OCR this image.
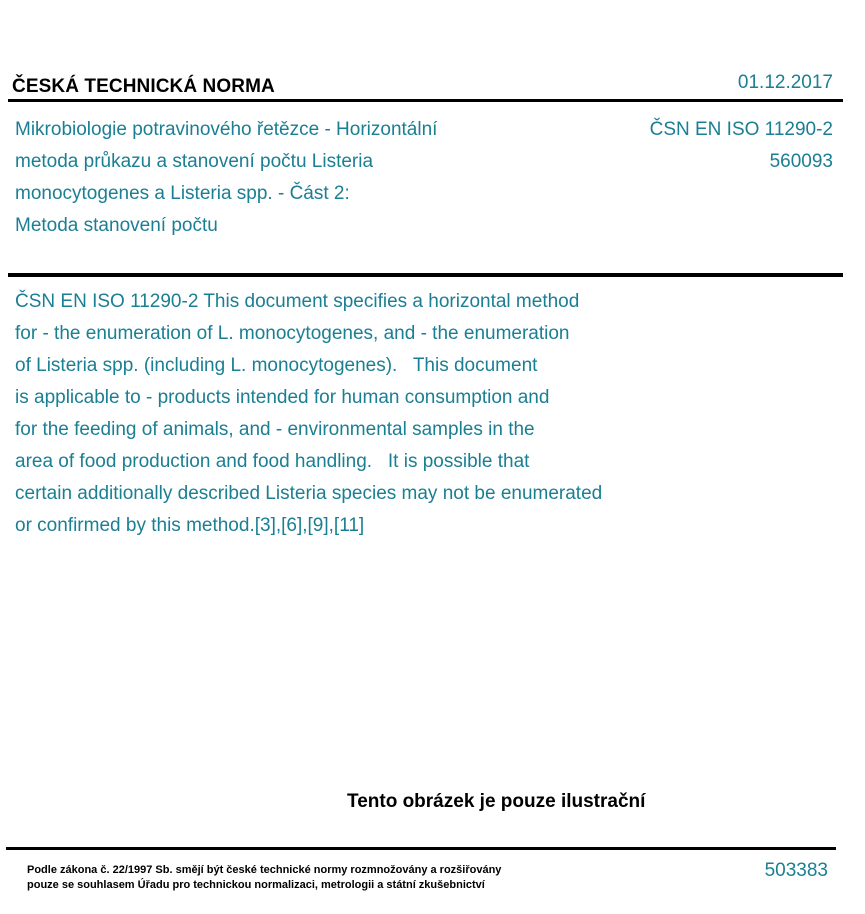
ČESKÁ TECHNICKÁ NORMA	01.12.2017
Mikrobiologie potravinového řetězce - Horizontální
metoda průkazu a stanovení počtu Listeria
monocytogenes a Listeria spp. - Část 2:
Metoda stanovení počtu
ČSN EN ISO 11290-2
560093
ČSN EN ISO 11290-2 This document specifies a horizontal method
for - the enumeration of L. monocytogenes, and - the enumeration
of Listeria spp. (including L. monocytogenes).   This document
is applicable to - products intended for human consumption and
for the feeding of animals, and - environmental samples in the
area of food production and food handling.   It is possible that
certain additionally described Listeria species may not be enumerated
or confirmed by this method.[3],[6],[9],[11]
Tento obrázek je pouze ilustrační
Podle zákona č. 22/1997 Sb. smějí být české technické normy rozmnožovány a rozšiřovány
pouze se souhlasem Úřadu pro technickou normalizaci, metrologii a státní zkušebnictví
503383
